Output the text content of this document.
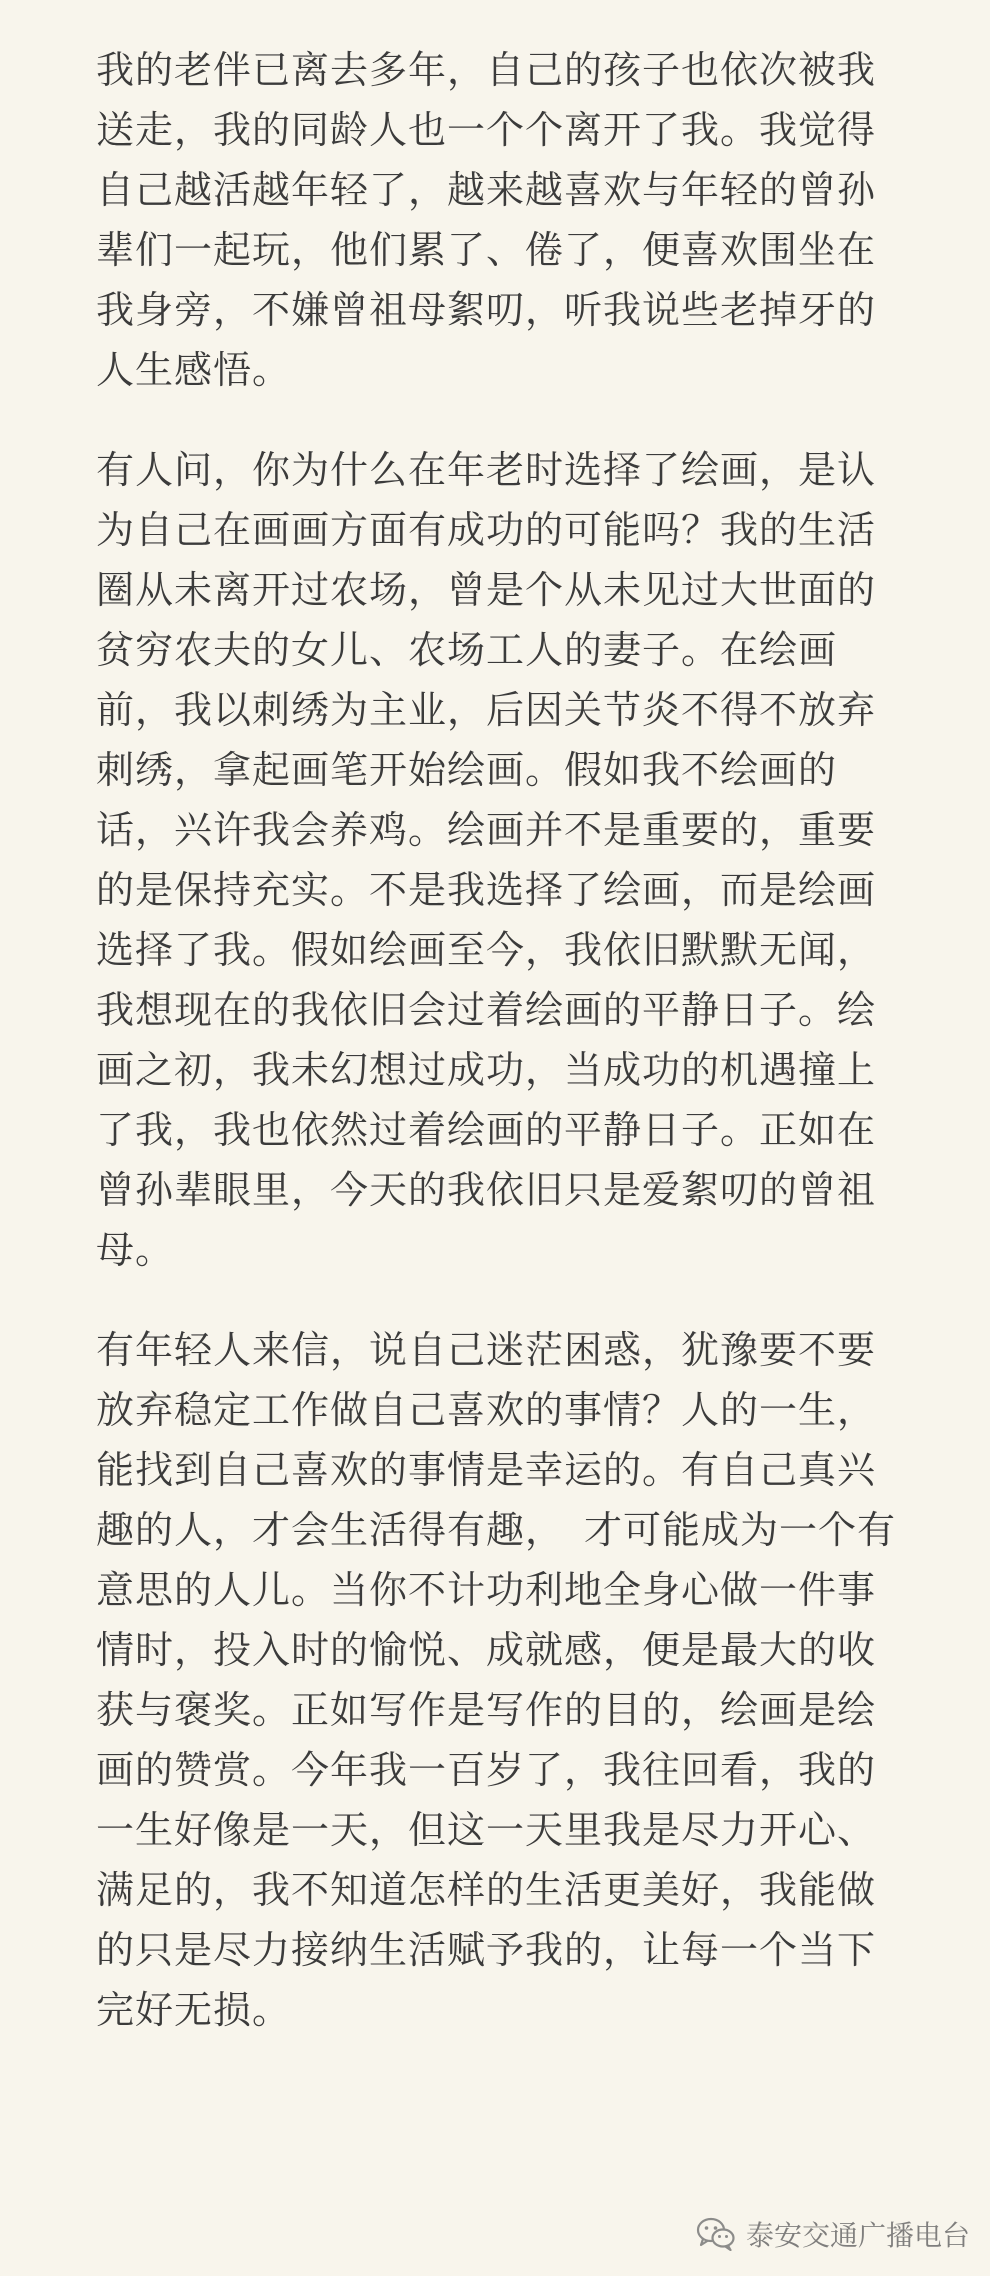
我的老伴已离去多年，自己的孩子也依次被我
送走，我的同龄人也一个个离开了我。我觉得
自己越活越年轻了，越来越喜欢与年轻的曾孙
辈们一起玩，他们累了、倦了，便喜欢围坐在
我身旁，不嫌曾祖母絮叨，听我说些老掉牙的
人生感悟。
有人问，你为什么在年老时选择了绘画，是认
为自己在画画方面有成功的可能吗？我的生活
圈从未离开过农场，曾是个从未见过大世面的
贫穷农夫的女儿、农场工人的妻子。在绘画
前，我以刺绣为主业，后因关节炎不得不放弃
刺绣，拿起画笔开始绘画。假如我不绘画的
话，兴许我会养鸡。绘画并不是重要的，重要
的是保持充实。不是我选择了绘画，而是绘画
选择了我。假如绘画至今，我依旧默默无闻，
我想现在的我依旧会过着绘画的平静日子。绘
画之初，我未幻想过成功，当成功的机遇撞上
了我，我也依然过着绘画的平静日子。正如在
曾孙辈眼里，今天的我依旧只是爱絮叨的曾祖
母。
有年轻人来信，说自己迷茫困惑，犹豫要不要
放弃稳定工作做自己喜欢的事情？人的一生，
能找到自己喜欢的事情是幸运的。有自己真兴
趣的人，才会生活得有趣，　才可能成为一个有
意思的人儿。当你不计功利地全身心做一件事
情时，投入时的愉悦、成就感，便是最大的收
获与褒奖。正如写作是写作的目的，绘画是绘
画的赞赏。今年我一百岁了，我往回看，我的
一生好像是一天，但这一天里我是尽力开心、
满足的，我不知道怎样的生活更美好，我能做
的只是尽力接纳生活赋予我的，让每一个当下
完好无损。
泰安交通广播电台
